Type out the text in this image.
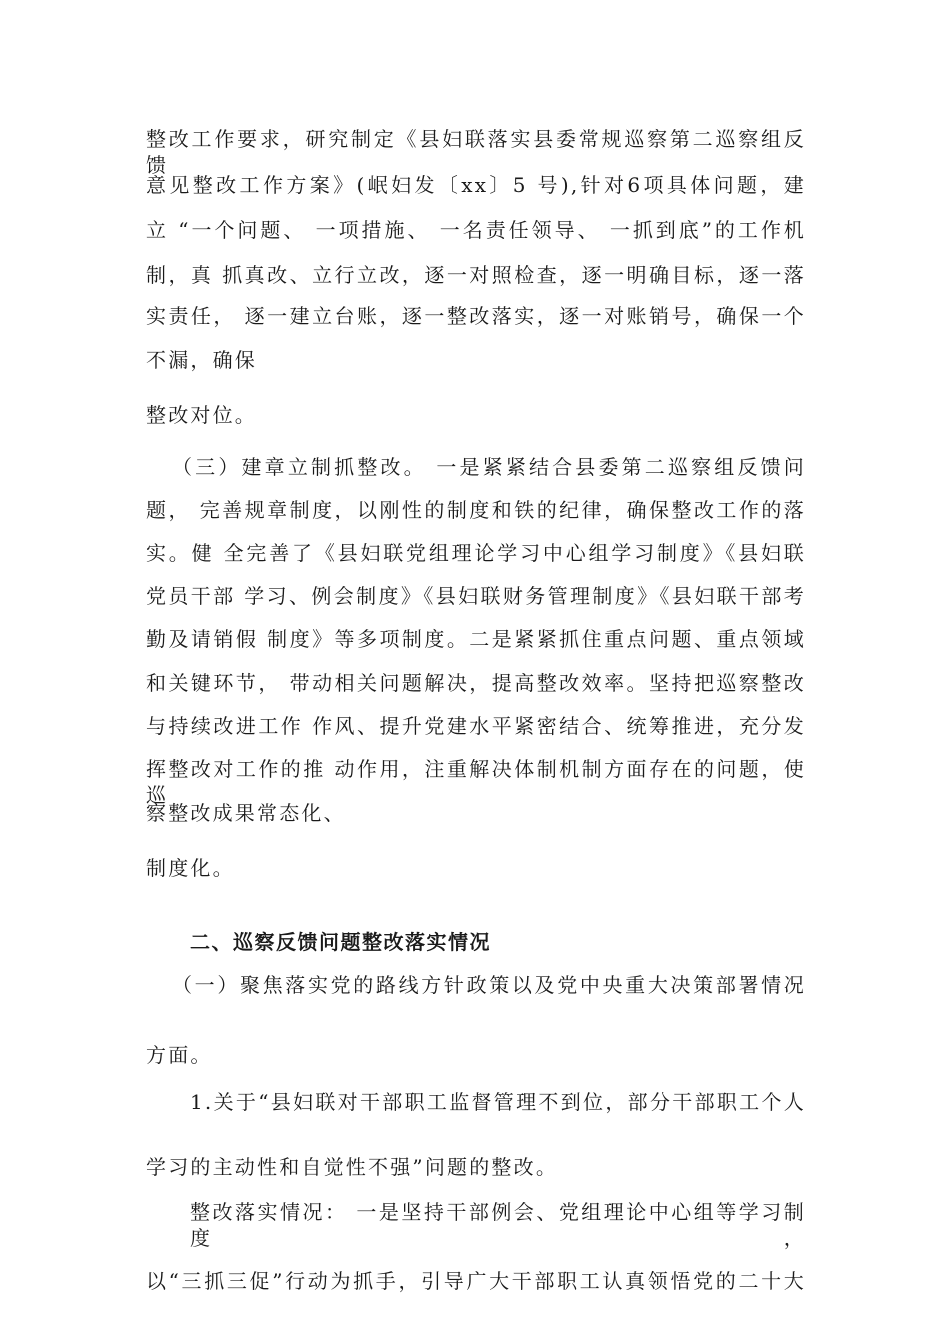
整改工作要求，研究制定《县妇联落实县委常规巡察第二巡察组反馈
意见整改工作方案》(岷妇发〔xx〕5 号),针对6项具体问题，建
立 “一个问题、 一项措施、 一名责任领导、 一抓到底”的工作机
制，真 抓真改、立行立改，逐一对照检查，逐一明确目标，逐一落
实责任， 逐一建立台账，逐一整改落实，逐一对账销号，确保一个
不漏，确保
整改对位。
（三）建章立制抓整改。 一是紧紧结合县委第二巡察组反馈问
题， 完善规章制度，以刚性的制度和铁的纪律，确保整改工作的落
实。健 全完善了《县妇联党组理论学习中心组学习制度》《县妇联
党员干部 学习、例会制度》《县妇联财务管理制度》《县妇联干部考
勤及请销假 制度》等多项制度。二是紧紧抓住重点问题、重点领域
和关键环节， 带动相关问题解决，提高整改效率。坚持把巡察整改
与持续改进工作 作风、提升党建水平紧密结合、统筹推进，充分发
挥整改对工作的推 动作用，注重解决体制机制方面存在的问题，使巡
察整改成果常态化、
制度化。
二、巡察反馈问题整改落实情况
（一）聚焦落实党的路线方针政策以及党中央重大决策部署情况
方面。
1.关于“县妇联对干部职工监督管理不到位，部分干部职工个人
学习的主动性和自觉性不强”问题的整改。
整改落实情况： 一是坚持干部例会、党组理论中心组等学习制度，
以“三抓三促”行动为抓手，引导广大干部职工认真领悟党的二十大
